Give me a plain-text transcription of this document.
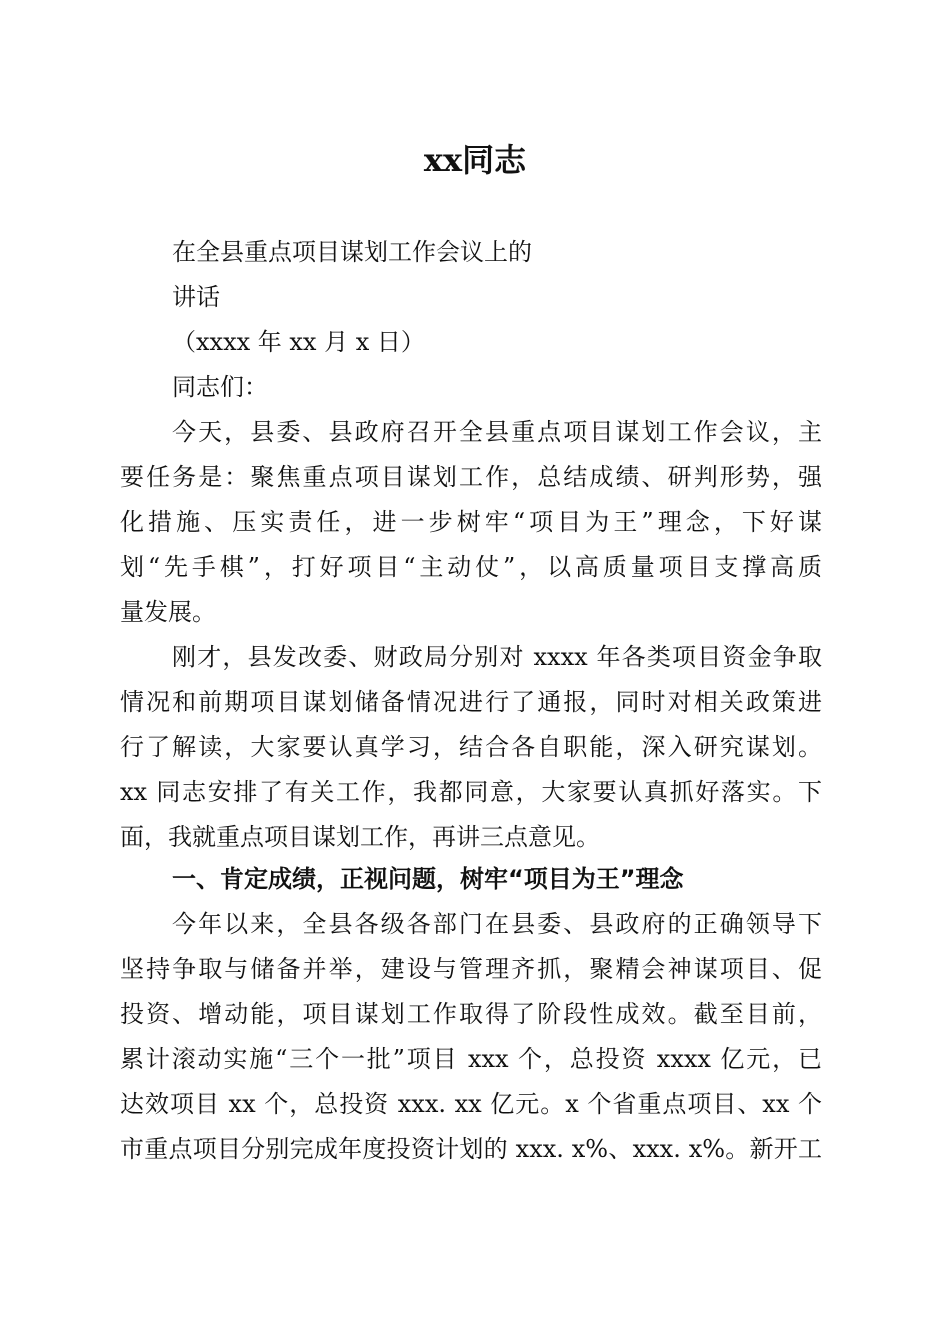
xx同志

在全县重点项目谋划工作会议上的

讲话

（xxxx 年 xx 月 x 日）

同志们：

今天，县委、县政府召开全县重点项目谋划工作会议，主

要任务是：聚焦重点项目谋划工作，总结成绩、研判形势，强

化措施、压实责任，进一步树牢“项目为王”理念，下好谋

划“先手棋”，打好项目“主动仗”，以高质量项目支撑高质

量发展。

刚才，县发改委、财政局分别对 xxxx 年各类项目资金争取

情况和前期项目谋划储备情况进行了通报，同时对相关政策进

行了解读，大家要认真学习，结合各自职能，深入研究谋划。

xx 同志安排了有关工作，我都同意，大家要认真抓好落实。下

面，我就重点项目谋划工作，再讲三点意见。

一、肯定成绩，正视问题，树牢“项目为王”理念

今年以来，全县各级各部门在县委、县政府的正确领导下

坚持争取与储备并举，建设与管理齐抓，聚精会神谋项目、促

投资、增动能，项目谋划工作取得了阶段性成效。截至目前，

累计滚动实施“三个一批”项目 xxx 个，总投资 xxxx 亿元，已

达效项目 xx 个，总投资 xxx. xx 亿元。x 个省重点项目、xx 个

市重点项目分别完成年度投资计划的 xxx. x%、xxx. x%。新开工
